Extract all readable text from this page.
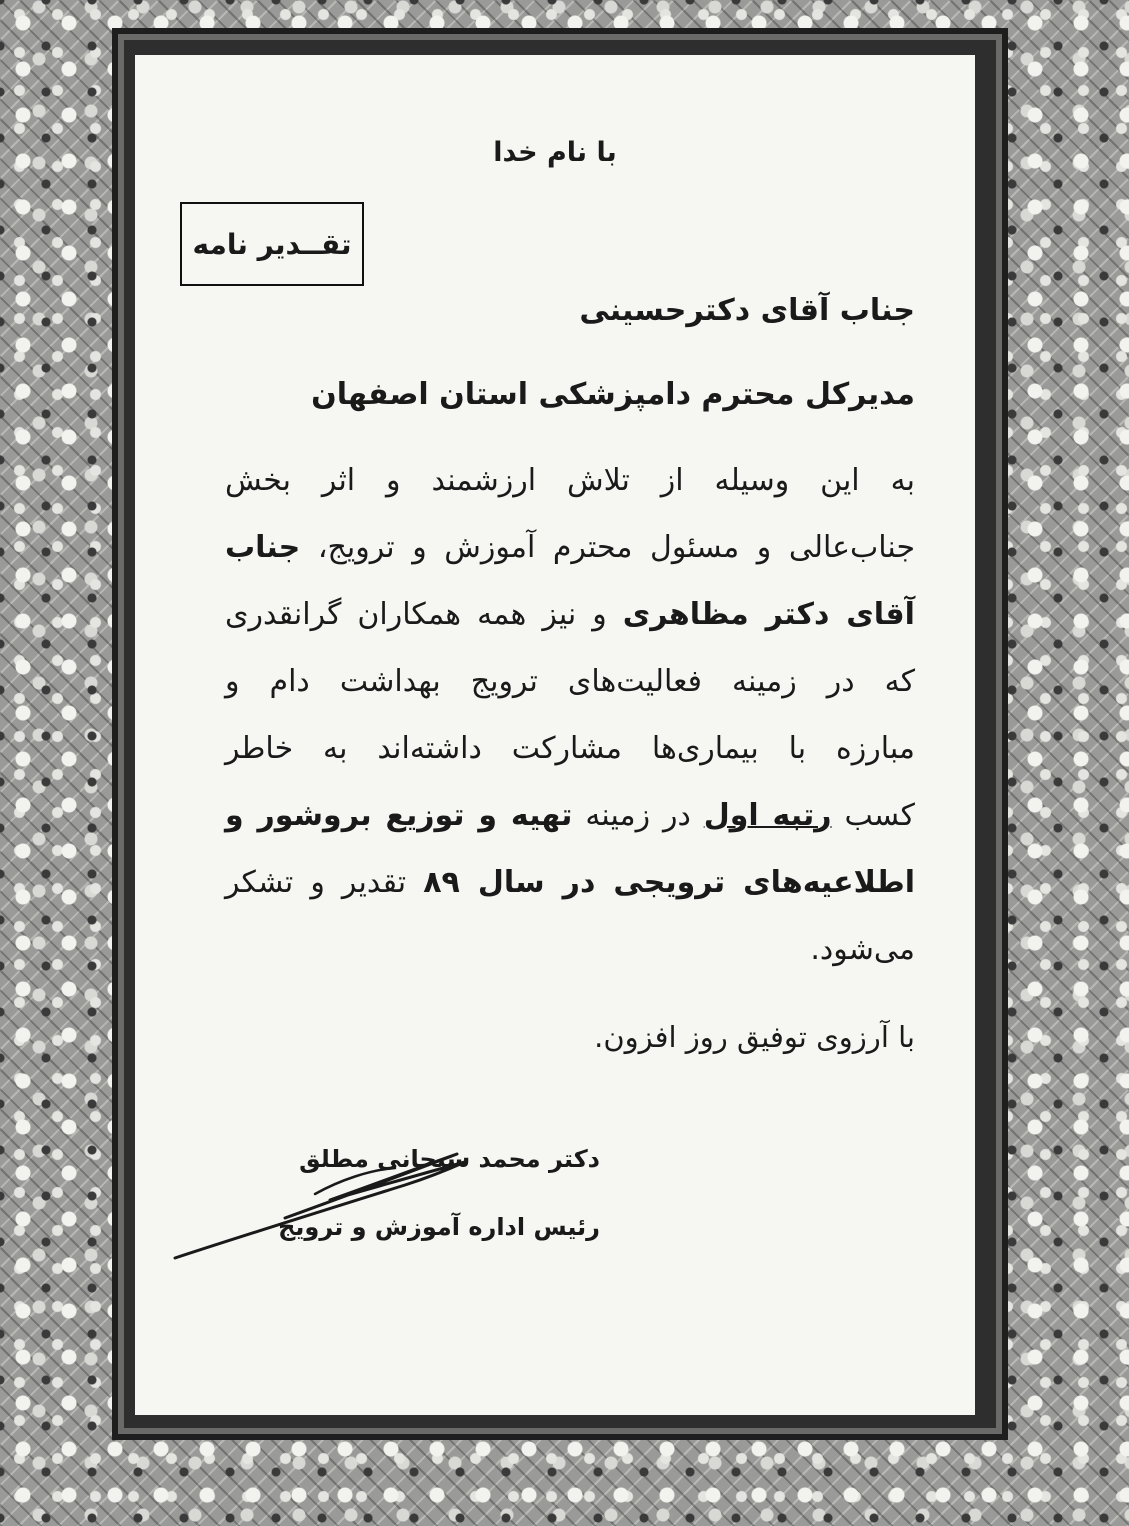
با نام خدا
تقــدیر نامه
جناب آقای دکترحسینی
مدیرکل محترم دامپزشکی استان اصفهان
به این وسیله از تلاش ارزشمند و اثر بخش
جناب‌عالی و مسئول محترم آموزش و ترویج، جناب
آقای دکتر مظاهری و نیز همه همکاران گرانقدری
که در زمینه فعالیت‌های ترویج بهداشت دام و
مبارزه با بیماری‌ها مشارکت داشته‌اند به خاطر
کسب رتبه اول در زمینه تهیه و توزیع بروشور و
اطلاعیه‌های ترویجی در سال ۸۹ تقدیر و تشکر
می‌شود.
با آرزوی توفیق روز افزون.
دکتر محمد سبحانی مطلق
رئیس اداره آموزش و ترویج
